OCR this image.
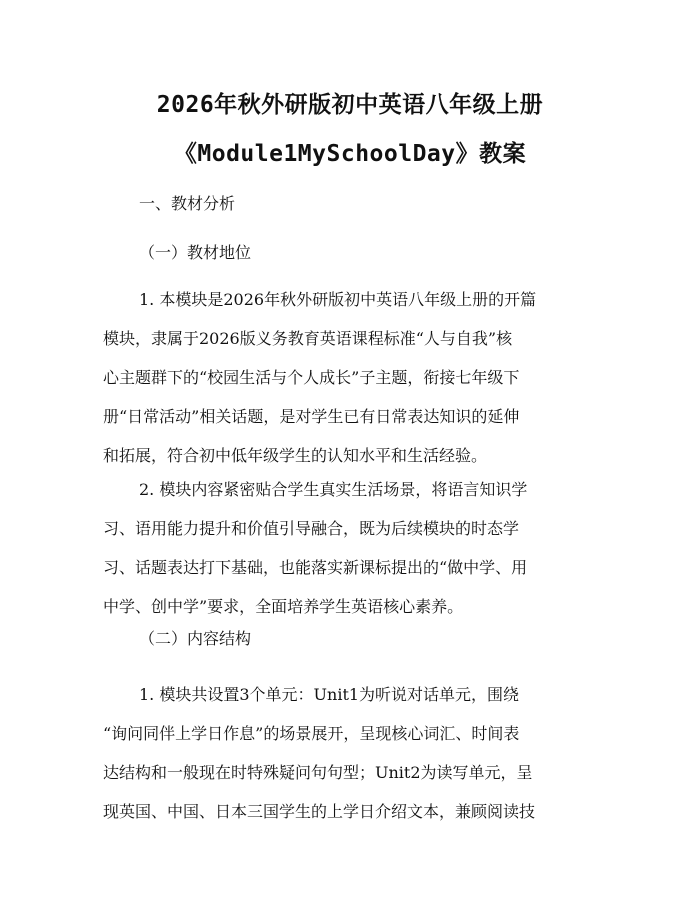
2026年秋外研版初中英语八年级上册
《Module1MySchoolDay》教案
一、教材分析
（一）教材地位
1. 本模块是2026年秋外研版初中英语八年级上册的开篇
模块，隶属于2026版义务教育英语课程标准“人与自我”核
心主题群下的“校园生活与个人成长”子主题，衔接七年级下
册“日常活动”相关话题，是对学生已有日常表达知识的延伸
和拓展，符合初中低年级学生的认知水平和生活经验。
2. 模块内容紧密贴合学生真实生活场景，将语言知识学
习、语用能力提升和价值引导融合，既为后续模块的时态学
习、话题表达打下基础，也能落实新课标提出的“做中学、用
中学、创中学”要求，全面培养学生英语核心素养。
（二）内容结构
1. 模块共设置3个单元：Unit1为听说对话单元，围绕
“询问同伴上学日作息”的场景展开，呈现核心词汇、时间表
达结构和一般现在时特殊疑问句句型；Unit2为读写单元，呈
现英国、中国、日本三国学生的上学日介绍文本，兼顾阅读技
